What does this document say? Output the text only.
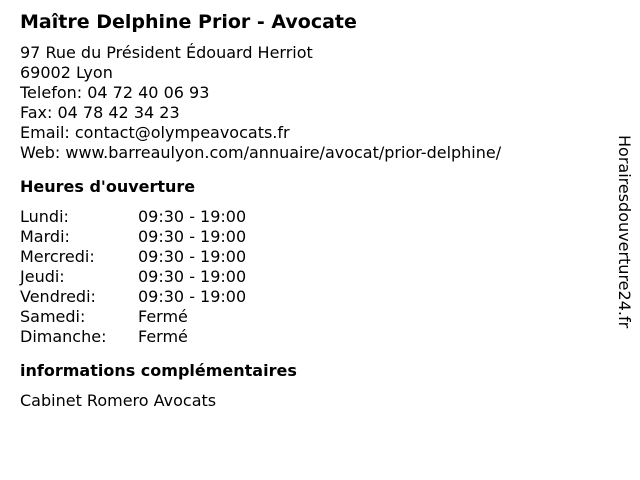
Maître Delphine Prior - Avocate
97 Rue du Président Édouard Herriot
69002 Lyon
Telefon: 04 72 40 06 93
Fax: 04 78 42 34 23
Email: contact@olympeavocats.fr
Web: www.barreaulyon.com/annuaire/avocat/prior-delphine/
Heures d'ouverture
Lundi:	09:30 - 19:00
Mardi:	09:30 - 19:00
Mercredi:	09:30 - 19:00
Jeudi:	09:30 - 19:00
Vendredi:	09:30 - 19:00
Samedi:	Fermé
Dimanche:	Fermé
informations complémentaires
Cabinet Romero Avocats
Horairesdouverture24.fr
